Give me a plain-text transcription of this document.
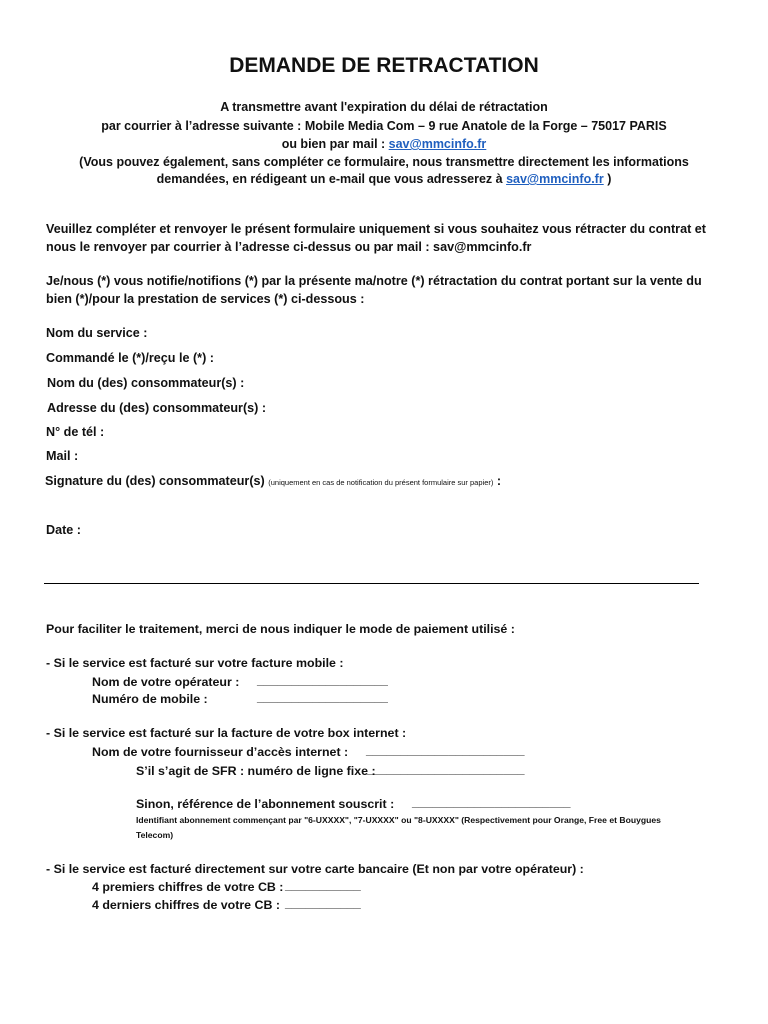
DEMANDE DE RETRACTATION
A transmettre avant l'expiration du délai de rétractation
par courrier à l’adresse suivante : Mobile Media Com – 9 rue Anatole de la Forge – 75017 PARIS
ou bien par mail : sav@mmcinfo.fr
(Vous pouvez également, sans compléter ce formulaire, nous transmettre directement les informations
demandées, en rédigeant un e-mail que vous adresserez à sav@mmcinfo.fr )
Veuillez compléter et renvoyer le présent formulaire uniquement si vous souhaitez vous rétracter du contrat et
nous le renvoyer par courrier à l’adresse ci-dessus ou par mail : sav@mmcinfo.fr
Je/nous (*) vous notifie/notifions (*) par la présente ma/notre (*) rétractation du contrat portant sur la vente du
bien (*)/pour la prestation de services (*) ci-dessous :
Nom du service :
Commandé le (*)/reçu le (*) :
Nom du (des) consommateur(s) :
Adresse du (des) consommateur(s) :
N° de tél :
Mail :
Signature du (des) consommateur(s) (uniquement en cas de notification du présent formulaire sur papier) :
Date :
Pour faciliter le traitement, merci de nous indiquer le mode de paiement utilisé :
- Si le service est facturé sur votre facture mobile :
Nom de votre opérateur : ___________________
Numéro de mobile :	___________________
- Si le service est facturé sur la facture de votre box internet :
Nom de votre fournisseur d’accès internet : _______________________
S’il s’agit de SFR : numéro de ligne fixe :
_______________________
Sinon, référence de l’abonnement souscrit : _______________________
Identifiant abonnement commençant par "6-UXXXX", "7-UXXXX" ou "8-UXXXX" (Respectivement pour Orange, Free et Bouygues Telecom)
- Si le service est facturé directement sur votre carte bancaire (Et non par votre opérateur) :
4 premiers chiffres de votre CB : ___________
4 derniers chiffres de votre CB : ___________
